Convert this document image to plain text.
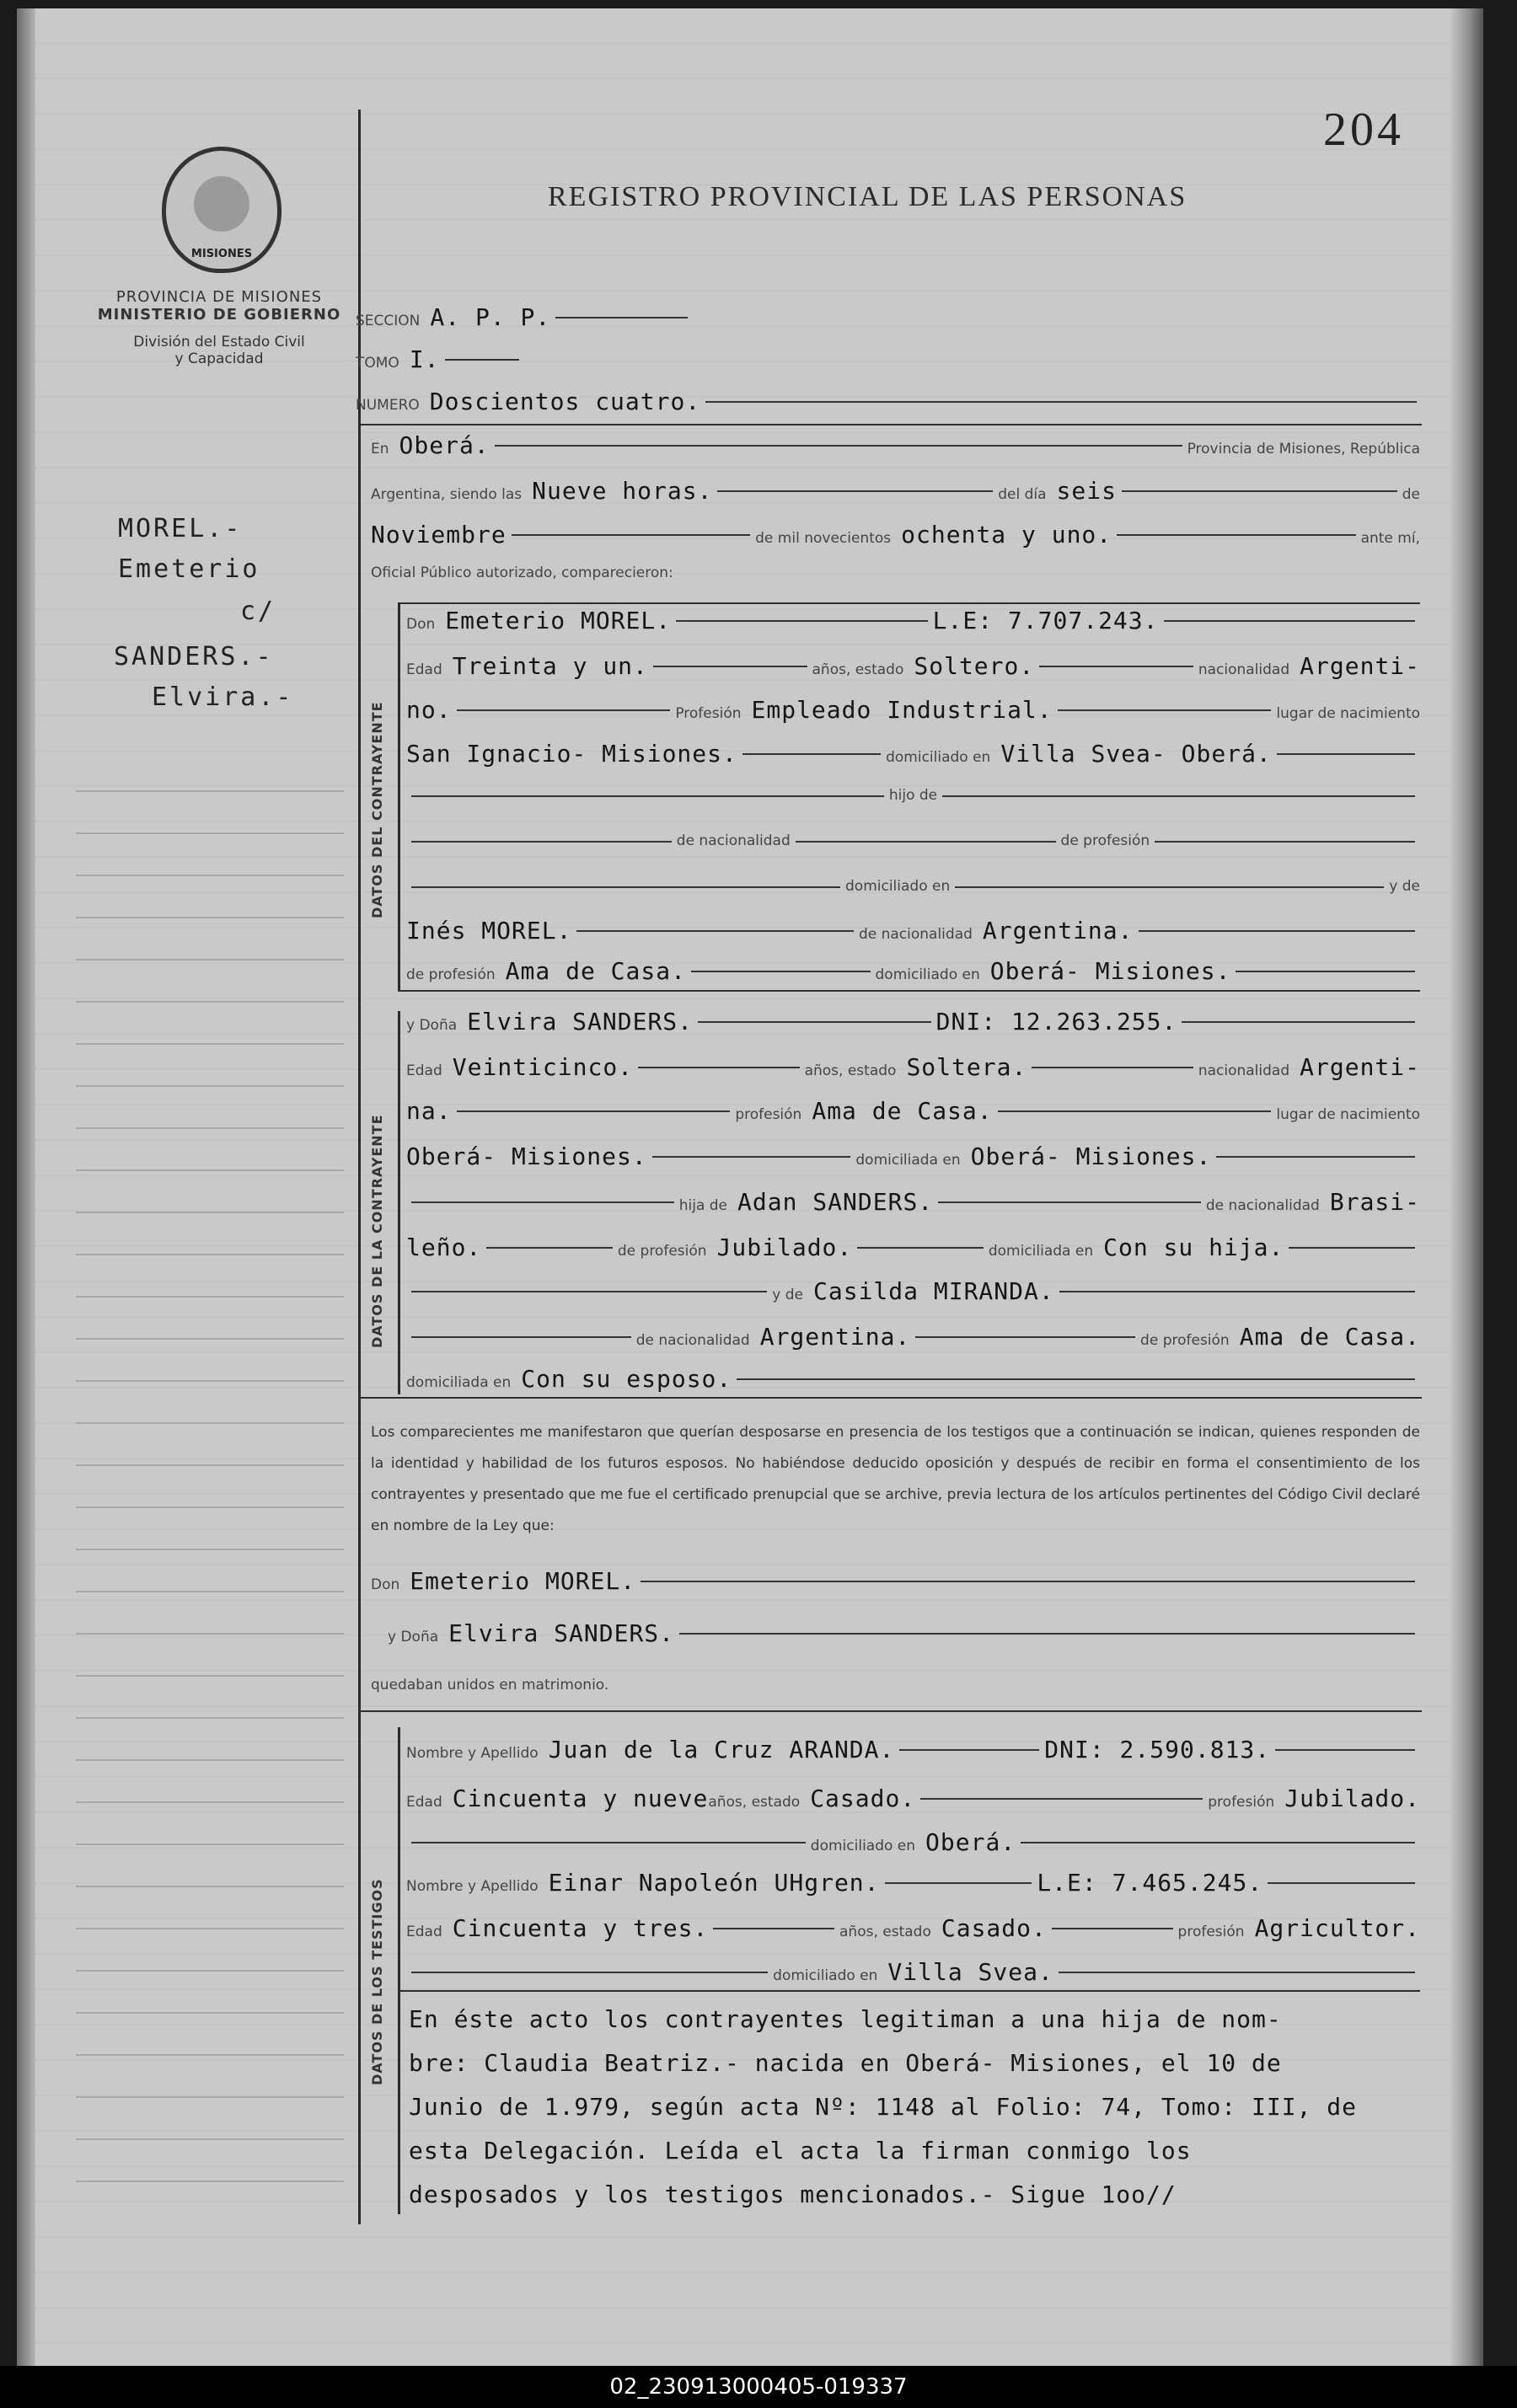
MISIONES
PROVINCIA DE MISIONES
MINISTERIO DE GOBIERNO
División del Estado Civil
y Capacidad
MOREL.-
Emeterio
c/
SANDERS.-
Elvira.-
204
REGISTRO PROVINCIAL DE LAS PERSONAS
SECCION A. P. P.
TOMO I.
NUMERO Doscientos cuatro.
En Oberá.	Provincia de Misiones, República
Argentina, siendo las Nueve horas.	del día seis	de
Noviembre	de mil novecientos ochenta y uno.	ante mí,
Oficial Público autorizado, comparecieron:
DATOS DEL CONTRAYENTE
Don Emeterio MOREL.	L.E: 7.707.243.
Edad Treinta y un.	años, estado Soltero.	nacionalidad Argenti-
no.	Profesión Empleado Industrial.	lugar de nacimiento
San Ignacio- Misiones.	domiciliado en Villa Svea- Oberá.
hijo de
de nacionalidad	de profesión
domiciliado en	y de
Inés MOREL.	de nacionalidad Argentina.
de profesión Ama de Casa.	domiciliado en Oberá- Misiones.
DATOS DE LA CONTRAYENTE
y Doña Elvira SANDERS.	DNI: 12.263.255.
Edad Veinticinco.	años, estado Soltera.	nacionalidad Argenti-
na.	profesión Ama de Casa.	lugar de nacimiento
Oberá- Misiones.	domiciliada en Oberá- Misiones.
hija de Adan SANDERS.	de nacionalidad Brasi-
leño.	de profesión Jubilado.	domiciliada en Con su hija.
y de Casilda MIRANDA.
de nacionalidad Argentina.	de profesión Ama de Casa.
domiciliada en Con su esposo.
Los comparecientes me manifestaron que querían desposarse en presencia de los testigos que a continuación se indican, quienes responden de la identidad y habilidad de los futuros esposos. No habiéndose deducido oposición y después de recibir en forma el consentimiento de los contrayentes y presentado que me fue el certificado prenupcial que se archive, previa lectura de los artículos pertinentes del Código Civil declaré en nombre de la Ley que:
Don Emeterio MOREL.
y Doña Elvira SANDERS.
quedaban unidos en matrimonio.
DATOS DE LOS TESTIGOS
Nombre y Apellido Juan de la Cruz ARANDA.	DNI: 2.590.813.
Edad Cincuenta y nueve años, estado Casado.	profesión Jubilado.
domiciliado en Oberá.
Nombre y Apellido Einar Napoleón UHgren.	L.E: 7.465.245.
Edad Cincuenta y tres.	años, estado Casado.	profesión Agricultor.
domiciliado en Villa Svea.
En éste acto los contrayentes legitiman a una hija de nom-
bre: Claudia Beatriz.- nacida en Oberá- Misiones, el 10 de
Junio de 1.979, según acta Nº: 1148 al Folio: 74, Tomo: III, de
esta Delegación. Leída el acta la firman conmigo los
desposados y los testigos mencionados.- Sigue 1oo//
02_230913000405-019337
